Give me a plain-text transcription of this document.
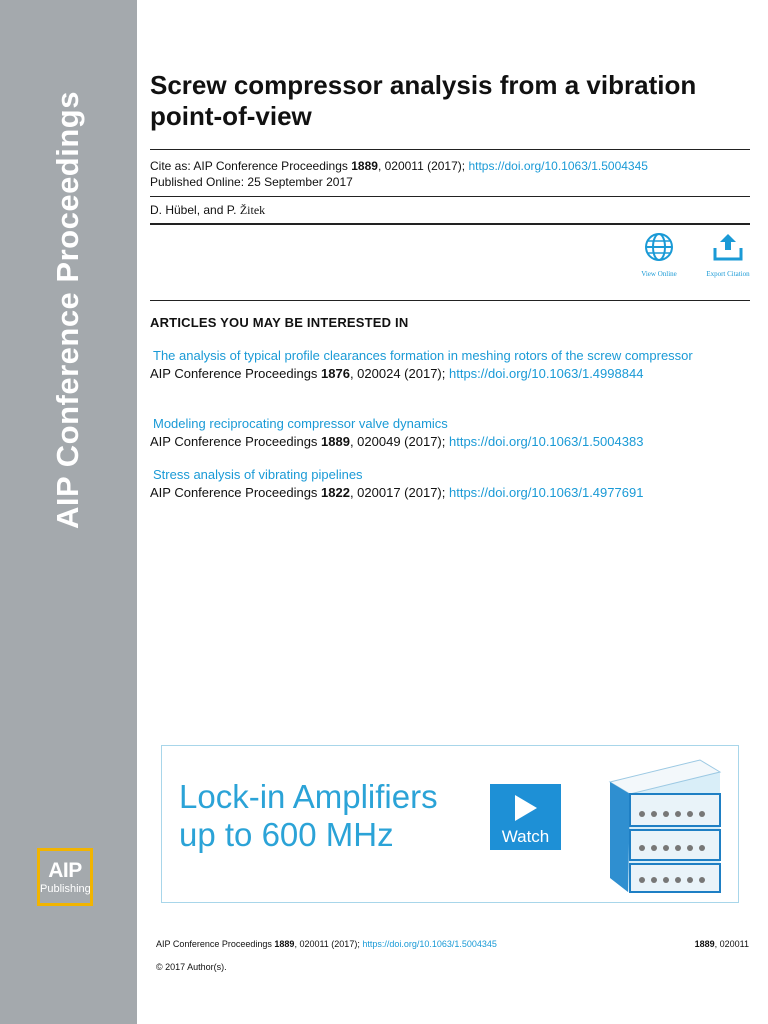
AIP Conference Proceedings
AIP
Publishing
Screw compressor analysis from a vibration point-of-view
Cite as: AIP Conference Proceedings 1889, 020011 (2017); https://doi.org/10.1063/1.5004345
Published Online: 25 September 2017
D. Hübel, and P. Žitek
View Online	Export Citation
ARTICLES YOU MAY BE INTERESTED IN
The analysis of typical profile clearances formation in meshing rotors of the screw compressor
AIP Conference Proceedings 1876, 020024 (2017); https://doi.org/10.1063/1.4998844
Modeling reciprocating compressor valve dynamics
AIP Conference Proceedings 1889, 020049 (2017); https://doi.org/10.1063/1.5004383
Stress analysis of vibrating pipelines
AIP Conference Proceedings 1822, 020017 (2017); https://doi.org/10.1063/1.4977691
Lock-in Amplifiers
up to 600 MHz	Watch
AIP Conference Proceedings 1889, 020011 (2017); https://doi.org/10.1063/1.5004345	1889, 020011
© 2017 Author(s).
